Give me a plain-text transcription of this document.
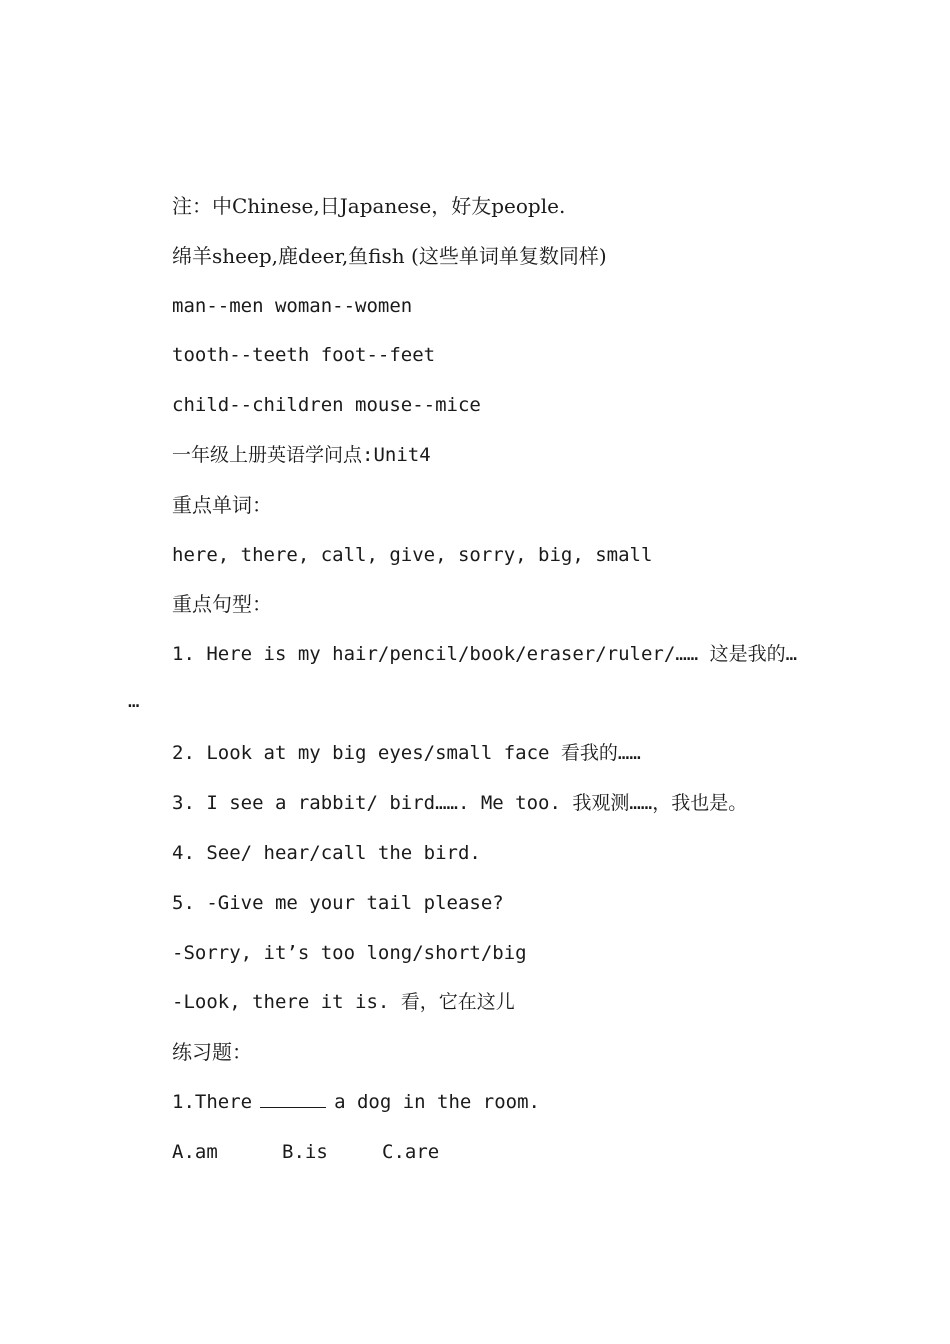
注：中Chinese,日Japanese，好友people.
绵羊sheep,鹿deer,鱼fish (这些单词单复数同样)
man--men woman--women
tooth--teeth foot--feet
child--children mouse--mice
一年级上册英语学问点:Unit4
重点单词：
here, there, call, give, sorry, big, small
重点句型：
1. Here is my hair/pencil/book/eraser/ruler/…… 这是我的…
…
2. Look at my big eyes/small face 看我的……
3. I see a rabbit/ bird……. Me too. 我观测……，我也是。
4. See/ hear/call the bird.
5. -Give me your tail please?
-Sorry, it’s too long/short/big
-Look, there it is. 看，它在这儿
练习题：
1.There	a dog in the room.
A.am	B.is	C.are
